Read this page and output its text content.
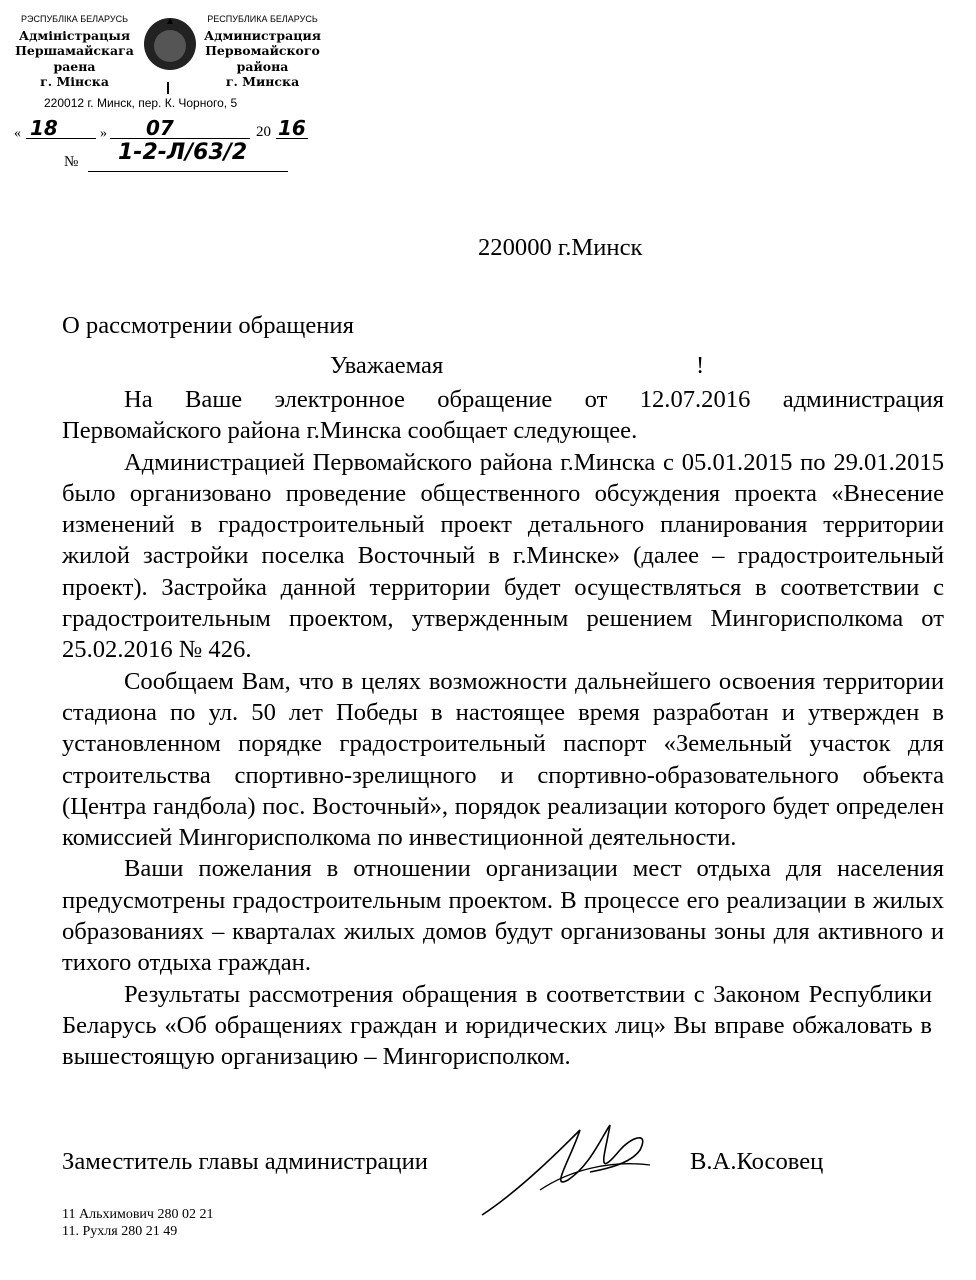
РЭСПУБЛІКА БЕЛАРУСЬ
Адміністрацыя
Першамайскага
раена
г. Мінска
РЕСПУБЛИКА БЕЛАРУСЬ
Администрация
Первомайского
района
г. Минска
220012 г. Минск, пер. К. Чорного, 5
« 18	» 07	20 16
№ 1-2-Л/63/2
220000 г.Минск
О рассмотрении обращения
Уважаемая	!

На Ваше электронное обращение от 12.07.2016 администрация Первомайского района г.Минска сообщает следующее.

Администрацией Первомайского района г.Минска с 05.01.2015 по 29.01.2015 было организовано проведение общественного обсуждения проекта «Внесение изменений в градостроительный проект детального планирования территории жилой застройки поселка Восточный в г.Минске» (далее – градостроительный проект). Застройка данной территории будет осуществляться в соответствии с градостроительным проектом, утвержденным решением Мингорисполкома от 25.02.2016 № 426.

Сообщаем Вам, что в целях возможности дальнейшего освоения территории стадиона по ул. 50 лет Победы в настоящее время разработан и утвержден в установленном порядке градостроительный паспорт «Земельный участок для строительства спортивно-зрелищного и спортивно-образовательного объекта (Центра гандбола) пос. Восточный», порядок реализации которого будет определен комиссией Мингорисполкома по инвестиционной деятельности.

Ваши пожелания в отношении организации мест отдыха для населения предусмотрены градостроительным проектом. В процессе его реализации в жилых образованиях – кварталах жилых домов будут организованы зоны для активного и тихого отдыха граждан.

Результаты рассмотрения обращения в соответствии с Законом Республики Беларусь «Об обращениях граждан и юридических лиц» Вы вправе обжаловать в вышестоящую организацию – Мингорисполком.

Заместитель главы администрации	В.А.Косовец
11 Альхимович 280 02 21
11. Рухля 280 21 49
